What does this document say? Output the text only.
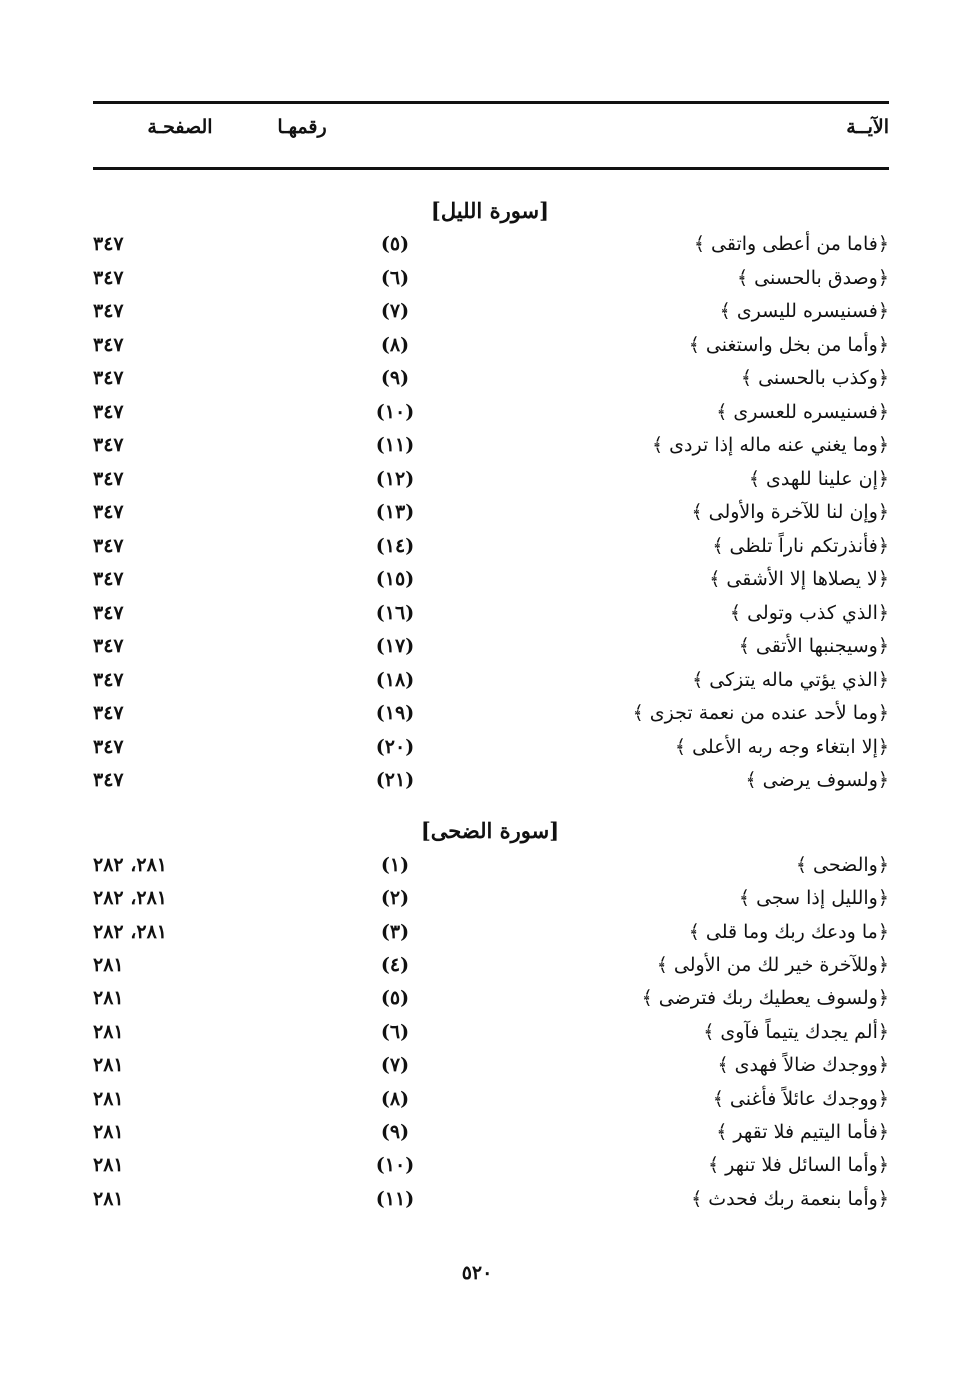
الآيــة
رقمهـا
الصفحـة
[سورة الليل]
﴿فاما من أعطى واتقى ﴾
(٥)
٣٤٧
﴿وصدق بالحسنى ﴾
(٦)
٣٤٧
﴿فسنيسره لليسرى ﴾
(٧)
٣٤٧
﴿وأما من بخل واستغنى ﴾
(٨)
٣٤٧
﴿وكذب بالحسنى ﴾
(٩)
٣٤٧
﴿فسنيسره للعسرى ﴾
(١٠)
٣٤٧
﴿وما يغني عنه ماله إذا تردى ﴾
(١١)
٣٤٧
﴿إن علينا للهدى ﴾
(١٢)
٣٤٧
﴿وإن لنا للآخرة والأولى ﴾
(١٣)
٣٤٧
﴿فأنذرتكم ناراً تلظى ﴾
(١٤)
٣٤٧
﴿لا يصلاها إلا الأشقى ﴾
(١٥)
٣٤٧
﴿الذي كذب وتولى ﴾
(١٦)
٣٤٧
﴿وسيجنبها الأتقى ﴾
(١٧)
٣٤٧
﴿الذي يؤتي ماله يتزكى ﴾
(١٨)
٣٤٧
﴿وما لأحد عنده من نعمة تجزى ﴾
(١٩)
٣٤٧
﴿إلا ابتغاء وجه ربه الأعلى ﴾
(٢٠)
٣٤٧
﴿ولسوف يرضى ﴾
(٢١)
٣٤٧
[سورة الضحى]
﴿والضحى ﴾
(١)
٢٨١، ٢٨٢
﴿والليل إذا سجى ﴾
(٢)
٢٨١، ٢٨٢
﴿ما ودعك ربك وما قلى ﴾
(٣)
٢٨١، ٢٨٢
﴿وللآخرة خير لك من الأولى ﴾
(٤)
٢٨١
﴿ولسوف يعطيك ربك فترضى ﴾
(٥)
٢٨١
﴿ألم يجدك يتيماً فآوى ﴾
(٦)
٢٨١
﴿ووجدك ضالاً فهدى ﴾
(٧)
٢٨١
﴿ووجدك عائلاً فأغنى ﴾
(٨)
٢٨١
﴿فأما اليتيم فلا تقهر ﴾
(٩)
٢٨١
﴿وأما السائل فلا تنهر ﴾
(١٠)
٢٨١
﴿وأما بنعمة ربك فحدث ﴾
(١١)
٢٨١
٥٢٠
